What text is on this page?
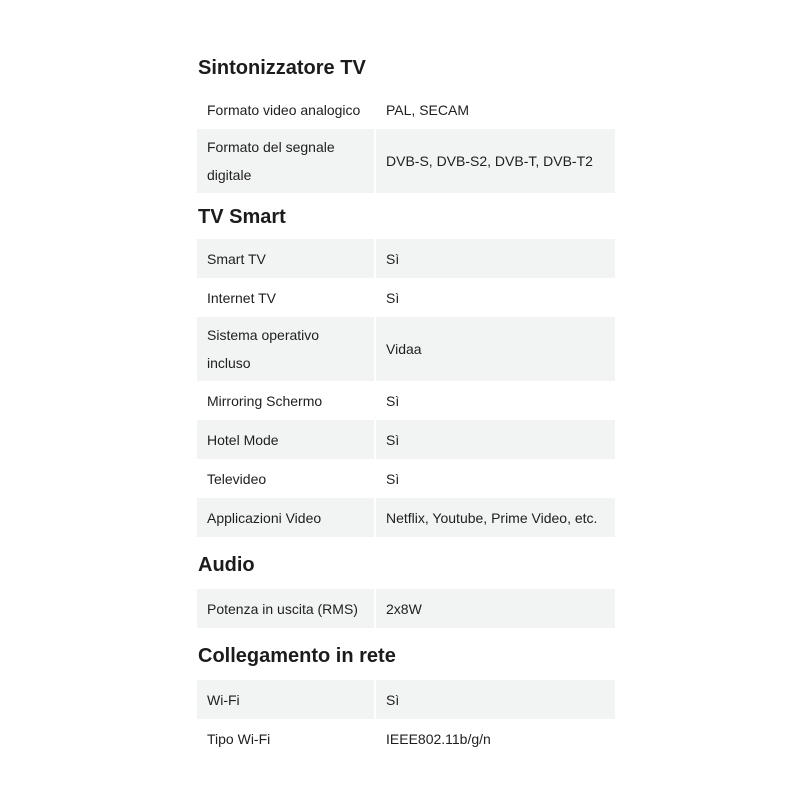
Sintonizzatore TV
Formato video analogico	PAL, SECAM
Formato del segnale digitale	DVB-S, DVB-S2, DVB-T, DVB-T2
TV Smart
Smart TV	Sì
Internet TV	Sì
Sistema operativo incluso	Vidaa
Mirroring Schermo	Sì
Hotel Mode	Sì
Televideo	Sì
Applicazioni Video	Netflix, Youtube, Prime Video, etc.
Audio
Potenza in uscita (RMS)	2x8W
Collegamento in rete
Wi-Fi	Sì
Tipo Wi-Fi	IEEE802.11b/g/n
